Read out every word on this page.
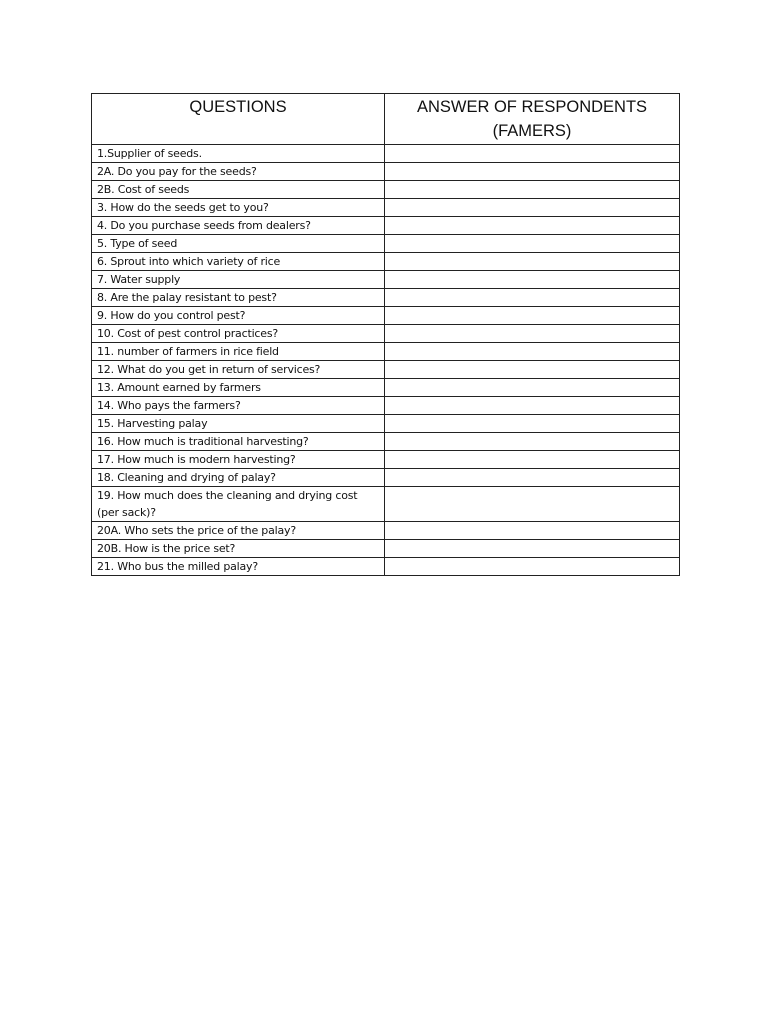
QUESTIONS	ANSWER OF RESPONDENTS
(FAMERS)

1.Supplier of seeds.	
2A. Do you pay for the seeds?	
2B. Cost of seeds	
3. How do the seeds get to you?	
4. Do you purchase seeds from dealers?	
5. Type of seed	
6. Sprout into which variety of rice	
7. Water supply	
8. Are the palay resistant to pest?	
9. How do you control pest?	
10. Cost of pest control practices?	
11. number of farmers in rice field	
12. What do you get in return of services?	
13. Amount earned by farmers	
14. Who pays the farmers?	
15. Harvesting palay	
16. How much is traditional harvesting?	
17. How much is modern harvesting?	
18. Cleaning and drying of palay?	
19. How much does the cleaning and drying cost (per sack)?	
20A. Who sets the price of the palay?	
20B. How is the price set?	
21. Who bus the milled palay?	
